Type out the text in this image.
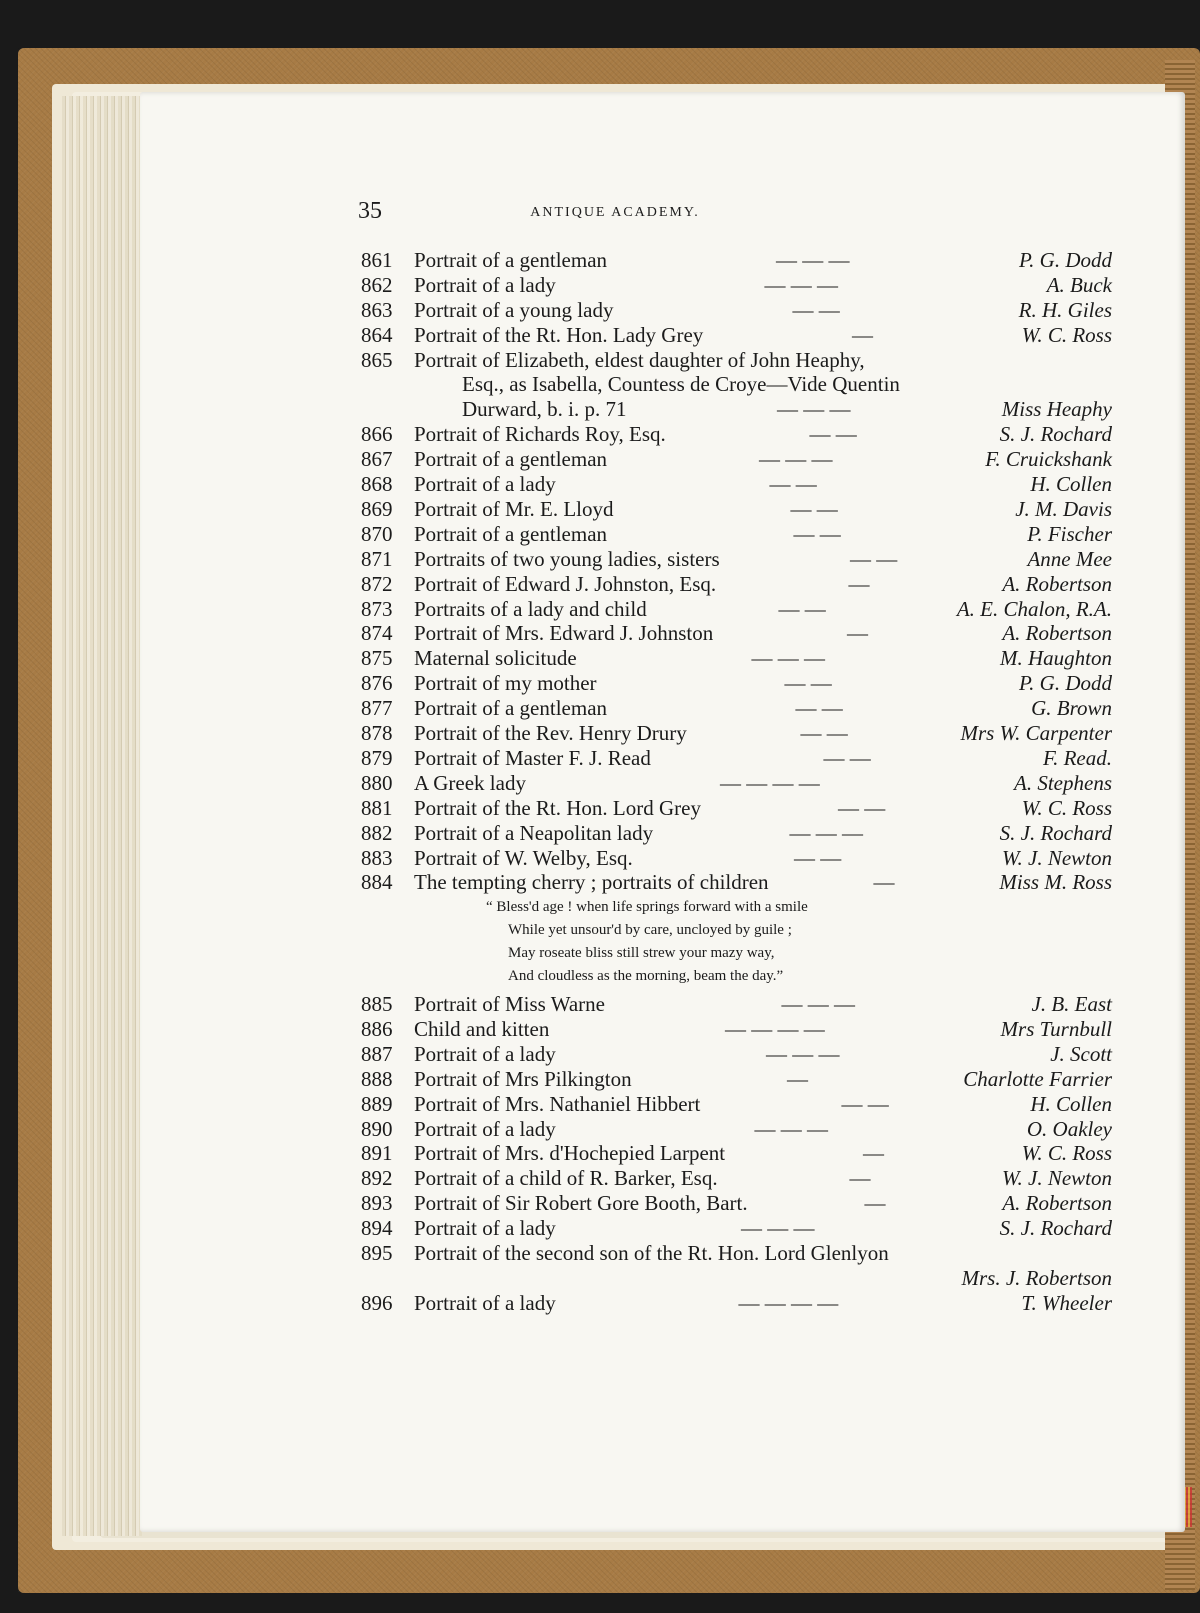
35	ANTIQUE ACADEMY.
861	Portrait of a gentleman	— — —	P. G. Dodd
862	Portrait of a lady	— — —	A. Buck
863	Portrait of a young lady	— —	R. H. Giles
864	Portrait of the Rt. Hon. Lady Grey	—	W. C. Ross
865	Portrait of Elizabeth, eldest daughter of John Heaphy,
Esq., as Isabella, Countess de Croye—Vide Quentin
Durward, b. i. p. 71	— — —	Miss Heaphy
866	Portrait of Richards Roy, Esq.	— —	S. J. Rochard
867	Portrait of a gentleman	— — —	F. Cruickshank
868	Portrait of a lady	— —	H. Collen
869	Portrait of Mr. E. Lloyd	— —	J. M. Davis
870	Portrait of a gentleman	— —	P. Fischer
871	Portraits of two young ladies, sisters	— —	Anne Mee
872	Portrait of Edward J. Johnston, Esq.	—	A. Robertson
873	Portraits of a lady and child	— —	A. E. Chalon, R.A.
874	Portrait of Mrs. Edward J. Johnston	—	A. Robertson
875	Maternal solicitude	— — —	M. Haughton
876	Portrait of my mother	— —	P. G. Dodd
877	Portrait of a gentleman	— —	G. Brown
878	Portrait of the Rev. Henry Drury	— —	Mrs W. Carpenter
879	Portrait of Master F. J. Read	— —	F. Read.
880	A Greek lady	— — — —	A. Stephens
881	Portrait of the Rt. Hon. Lord Grey	— —	W. C. Ross
882	Portrait of a Neapolitan lady	— — —	S. J. Rochard
883	Portrait of W. Welby, Esq.	— —	W. J. Newton
884	The tempting cherry ; portraits of children	—	Miss M. Ross
885	Portrait of Miss Warne	— — —	J. B. East
886	Child and kitten	— — — —	Mrs Turnbull
887	Portrait of a lady	— — —	J. Scott
888	Portrait of Mrs Pilkington	—	Charlotte Farrier
889	Portrait of Mrs. Nathaniel Hibbert	— —	H. Collen
890	Portrait of a lady	— — —	O. Oakley
891	Portrait of Mrs. d'Hochepied Larpent	—	W. C. Ross
892	Portrait of a child of R. Barker, Esq.	—	W. J. Newton
893	Portrait of Sir Robert Gore Booth, Bart.	—	A. Robertson
894	Portrait of a lady	— — —	S. J. Rochard
895	Portrait of the second son of the Rt. Hon. Lord Glenlyon
Mrs. J. Robertson
896	Portrait of a lady	— — — —	T. Wheeler
“ Bless'd age ! when life springs forward with a smile
While yet unsour'd by care, uncloyed by guile ;
May roseate bliss still strew your mazy way,
And cloudless as the morning, beam the day.”
